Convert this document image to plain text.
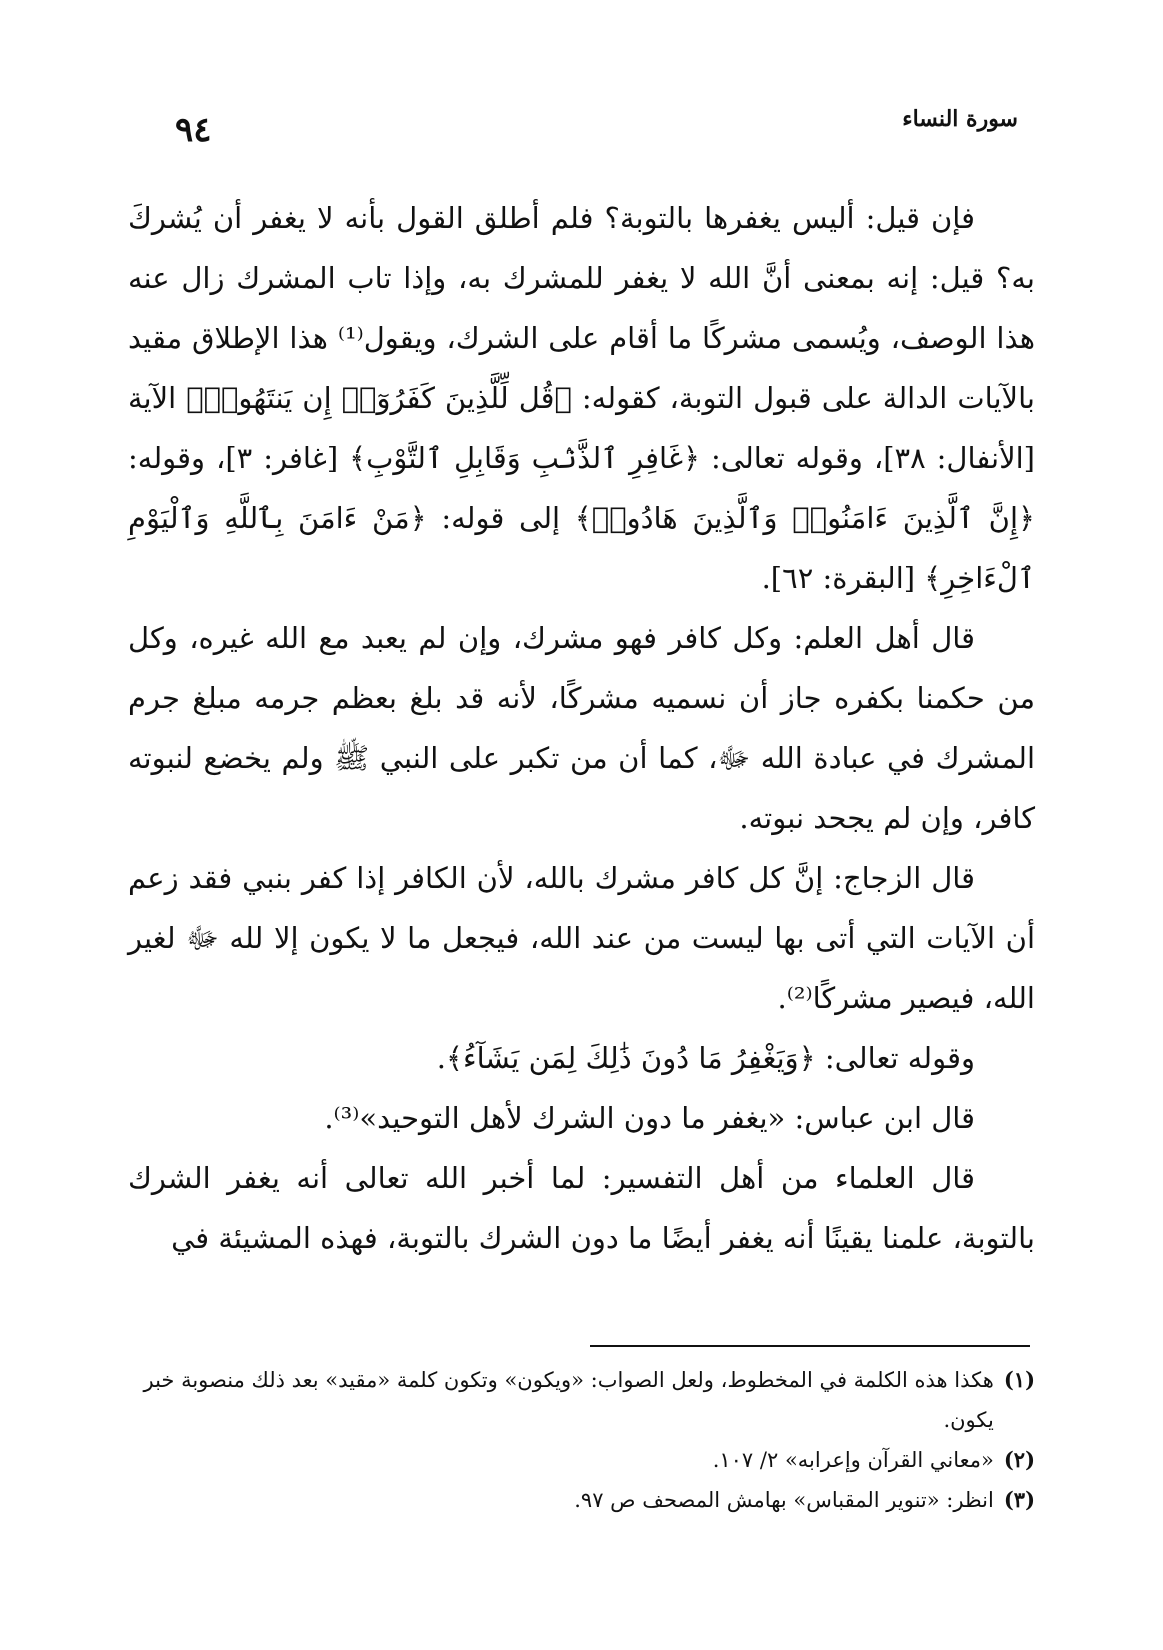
٩٤	سورة النساء

فإن قيل: أليس يغفرها بالتوبة؟ فلم أطلق القول بأنه لا يغفر أن يُشركَ به؟ قيل: إنه بمعنى أنَّ الله لا يغفر للمشرك به، وإذا تاب المشرك زال عنه هذا الوصف، ويُسمى مشركًا ما أقام على الشرك، ويقول⁽¹⁾ هذا الإطلاق مقيد بالآيات الدالة على قبول التوبة، كقوله: ﴿قُل لِّلَّذِينَ كَفَرُوٓا۟ إِن يَنتَهُوا۟﴾ الآية [الأنفال: ٣٨]، وقوله تعالى: ﴿غَافِرِ ٱلذَّنۢبِ وَقَابِلِ ٱلتَّوْبِ﴾ [غافر: ٣]، وقوله: ﴿إِنَّ ٱلَّذِينَ ءَامَنُوا۟ وَٱلَّذِينَ هَادُوا۟﴾ إلى قوله: ﴿مَنْ ءَامَنَ بِٱللَّهِ وَٱلْيَوْمِ ٱلْءَاخِرِ﴾ [البقرة: ٦٢].

قال أهل العلم: وكل كافر فهو مشرك، وإن لم يعبد مع الله غيره، وكل من حكمنا بكفره جاز أن نسميه مشركًا، لأنه قد بلغ بعظم جرمه مبلغ جرم المشرك في عبادة الله ﷻ، كما أن من تكبر على النبي ﷺ ولم يخضع لنبوته كافر، وإن لم يجحد نبوته.

قال الزجاج: إنَّ كل كافر مشرك بالله، لأن الكافر إذا كفر بنبي فقد زعم أن الآيات التي أتى بها ليست من عند الله، فيجعل ما لا يكون إلا لله ﷻ لغير الله، فيصير مشركًا⁽²⁾.

وقوله تعالى: ﴿وَيَغْفِرُ مَا دُونَ ذَٰلِكَ لِمَن يَشَآءُ﴾.

قال ابن عباس: «يغفر ما دون الشرك لأهل التوحيد»⁽³⁾.

قال العلماء من أهل التفسير: لما أخبر الله تعالى أنه يغفر الشرك بالتوبة، علمنا يقينًا أنه يغفر أيضًا ما دون الشرك بالتوبة، فهذه المشيئة في

(١)
هكذا هذه الكلمة في المخطوط، ولعل الصواب: «ويكون» وتكون كلمة «مقيد» بعد ذلك منصوبة خبر يكون.
(٢)
«معاني القرآن وإعرابه» ٢/ ١٠٧.
(٣)
انظر: «تنوير المقباس» بهامش المصحف ص ٩٧.
